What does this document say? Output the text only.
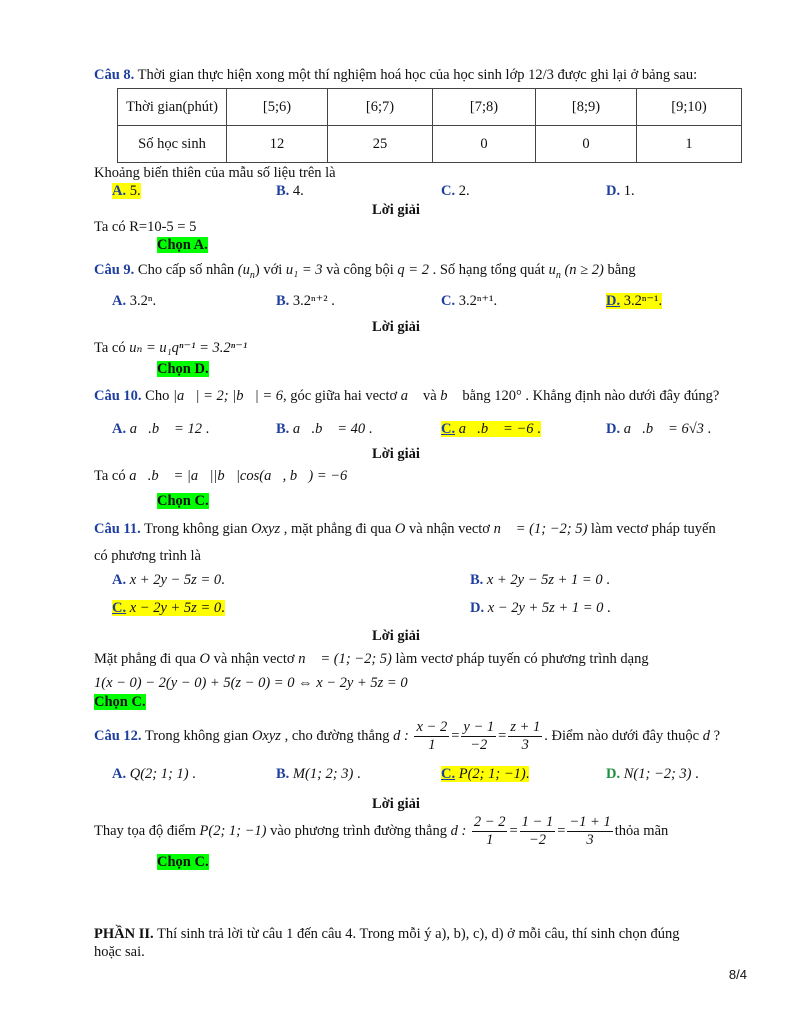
Câu 8. Thời gian thực hiện xong một thí nghiệm hoá học của học sinh lớp 12/3 được ghi lại ở bảng sau:
Thời gian(phút)	[5;6)	[6;7)	[7;8)	[8;9)	[9;10)
Số học sinh	12	25	0	0	1
Khoảng biến thiên của mẫu số liệu trên là
A. 5.	B. 4.	C. 2.	D. 1.
Lời giải
Ta có R=10-5 = 5
Chọn A.
Câu 9. Cho cấp số nhân $(u_n)$ với u₁ = 3 và công bội q = 2 . Số hạng tổng quát $u_n$ (n ≥ 2) bằng
A. 3.2ⁿ.	B. 3.2ⁿ⁺² .	C. 3.2ⁿ⁺¹.	D. 3.2ⁿ⁻¹.
Lời giải
Ta có uₙ = u₁qⁿ⁻¹ = 3.2ⁿ⁻¹
Chọn D.
Câu 10. Cho |a⃗| = 2; |b⃗| = 6, góc giữa hai vectơ a⃗ và b⃗ bằng 120° . Khẳng định nào dưới đây đúng?
A. a⃗.b⃗ = 12 .	B. a⃗.b⃗ = 40 .	C. a⃗.b⃗ = −6 .	D. a⃗.b⃗ = 6√3 .
Lời giải
Ta có a⃗.b⃗ = |a⃗||b⃗|cos(a⃗, b⃗) = −6
Chọn C.
Câu 11. Trong không gian Oxyz , mặt phẳng đi qua O và nhận vectơ n⃗ = (1; −2; 5) làm vectơ pháp tuyến
có phương trình là
A. x + 2y − 5z = 0.	B. x + 2y − 5z + 1 = 0 .
C. x − 2y + 5z = 0.	D. x − 2y + 5z + 1 = 0 .
Lời giải
Mặt phẳng đi qua O và nhận vectơ n⃗ = (1; −2; 5) làm vectơ pháp tuyến có phương trình dạng
1(x − 0) − 2(y − 0) + 5(z − 0) = 0 ⇔ x − 2y + 5z = 0
Chọn C.
Câu 12. Trong không gian Oxyz , cho đường thẳng d : $\frac{x - 2}{1} = \frac{y - 1}{-2} = \frac{z + 1}{3}$ . Điểm nào dưới đây thuộc d ?
A. Q(2; 1; 1) .	B. M(1; 2; 3) .	C. P(2; 1; −1).	D. N(1; −2; 3) .
Lời giải
Thay tọa độ điểm P(2; 1; −1) vào phương trình đường thẳng d : $\frac{2 - 2}{1} = \frac{1 - 1}{-2} = \frac{-1 + 1}{3}$ thỏa mãn
Chọn C.
PHẦN II. Thí sinh trả lời từ câu 1 đến câu 4. Trong mỗi ý a), b), c), d) ở mỗi câu, thí sinh chọn đúng
hoặc sai.
8/4
